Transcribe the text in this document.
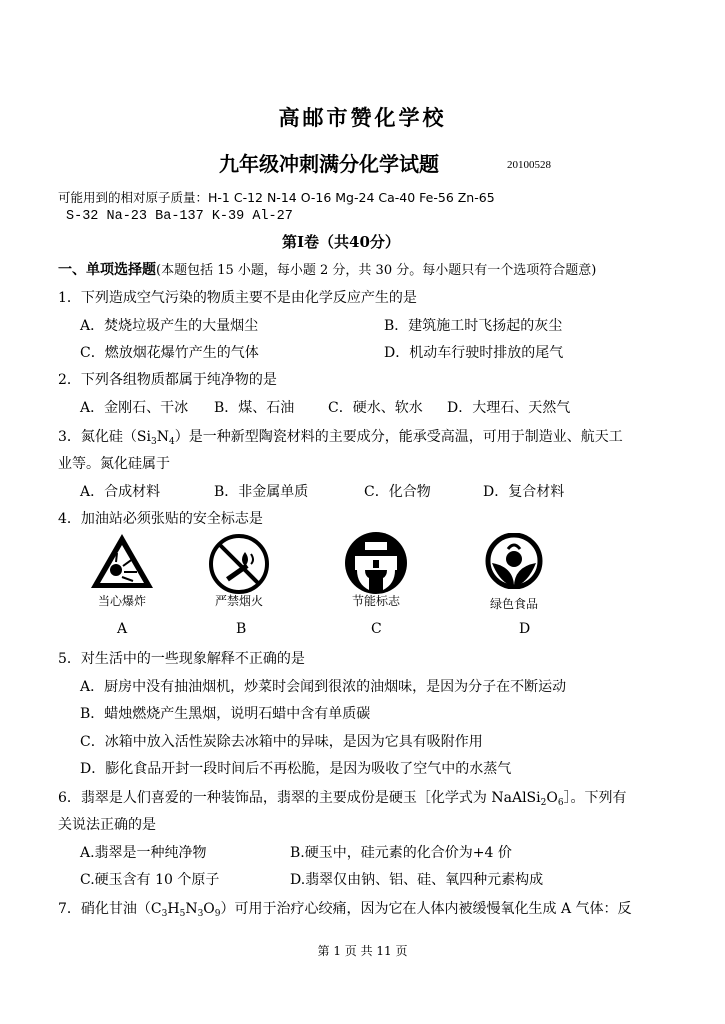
高邮市赞化学校
九年级冲刺满分化学试题	20100528
可能用到的相对原子质量：H-1 C-12 N-14 O-16 Mg-24 Ca-40 Fe-56 Zn-65
S-32 Na-23 Ba-137 K-39 Al-27
第Ⅰ卷（共40分）
一、单项选择题(本题包括 15 小题，每小题 2 分，共 30 分。每小题只有一个选项符合题意)
1．下列造成空气污染的物质主要不是由化学反应产生的是
A．焚烧垃圾产生的大量烟尘	B．建筑施工时飞扬起的灰尘
C．燃放烟花爆竹产生的气体	D．机动车行驶时排放的尾气
2．下列各组物质都属于纯净物的是
A．金刚石、干冰 B．煤、石油 C．硬水、软水 D．大理石、天然气
3．氮化硅$(Si_3N_4)$是一种新型陶瓷材料的主要成分，能承受高温，可用于制造业、航天工
业等。氮化硅属于
A．合成材料	B．非金属单质	C．化合物	D．复合材料
4．加油站必须张贴的安全标志是
当心爆炸	严禁烟火	节能标志	绿色食品
A	B	C	D
5．对生活中的一些现象解释不正确的是
A．厨房中没有抽油烟机，炒菜时会闻到很浓的油烟味，是因为分子在不断运动
B．蜡烛燃烧产生黑烟，说明石蜡中含有单质碳
C．冰箱中放入活性炭除去冰箱中的异味，是因为它具有吸附作用
D．膨化食品开封一段时间后不再松脆，是因为吸收了空气中的水蒸气
6．翡翠是人们喜爱的一种装饰品，翡翠的主要成份是硬玉［化学式为 $NaAlSi_2O_6]$。下列有
关说法正确的是
A.翡翠是一种纯净物	B.硬玉中，硅元素的化合价为+4 价
C.硬玉含有 10 个原子	D.翡翠仅由钠、铝、硅、氧四种元素构成
7．硝化甘油$(C_3H_5N_3O_9)$可用于治疗心绞痛，因为它在人体内被缓慢氧化生成 A 气体：反
第 1 页 共 11 页
